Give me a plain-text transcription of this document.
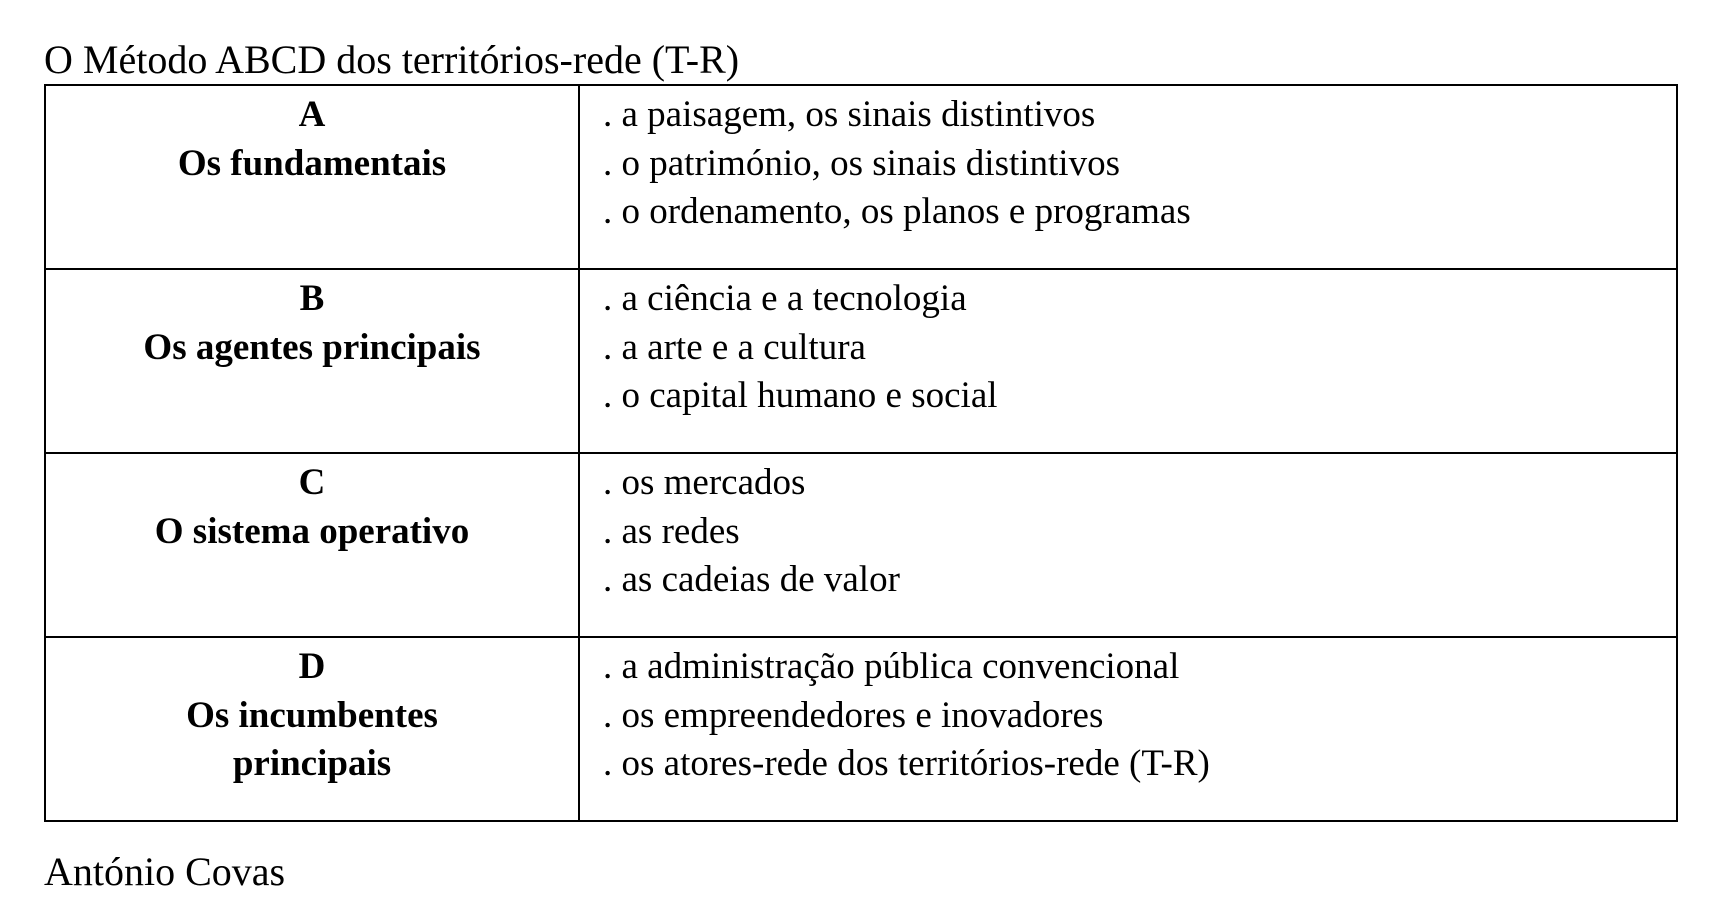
O Método ABCD dos territórios-rede (T-R)
A
Os fundamentais	. a paisagem, os sinais distintivos
. o património, os sinais distintivos
. o ordenamento, os planos e programas

B
Os agentes principais	. a ciência e a tecnologia
. a arte e a cultura
. o capital humano e social

C
O sistema operativo	. os mercados
. as redes
. as cadeias de valor

D
Os incumbentes
principais	. a administração pública convencional
. os empreendedores e inovadores
. os atores-rede dos territórios-rede (T-R)
António Covas
